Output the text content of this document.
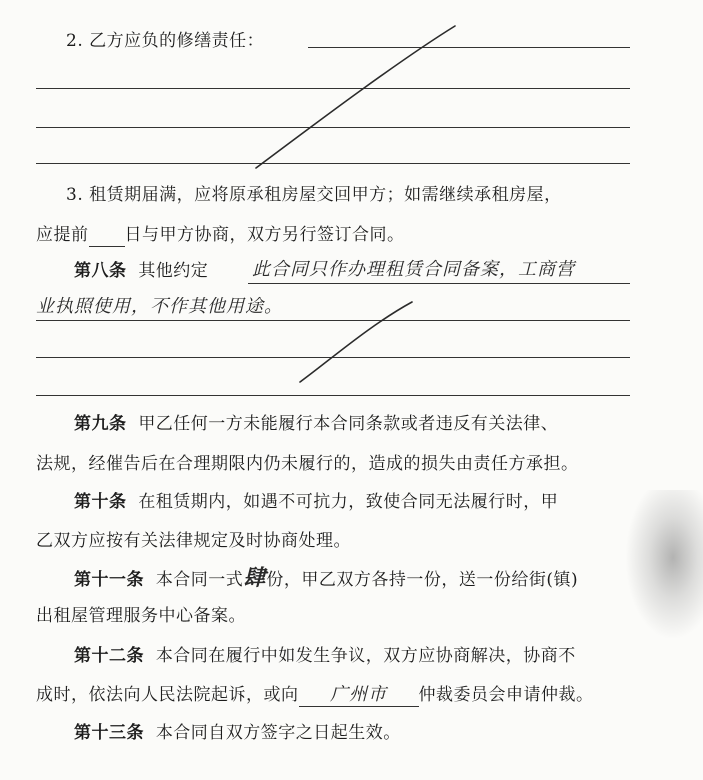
2. 乙方应负的修缮责任：
3. 租赁期届满，应将原承租房屋交回甲方；如需继续承租房屋，
应提前 日与甲方协商，双方另行签订合同。
第八条 其他约定 此合同只作办理租赁合同备案，工商营
业执照使用，不作其他用途。
第九条 甲乙任何一方未能履行本合同条款或者违反有关法律、
法规，经催告后在合理期限内仍未履行的，造成的损失由责任方承担。
第十条 在租赁期内，如遇不可抗力，致使合同无法履行时，甲
乙双方应按有关法律规定及时协商处理。
第十一条 本合同一式肆份，甲乙双方各持一份，送一份给街(镇)
出租屋管理服务中心备案。
第十二条 本合同在履行中如发生争议，双方应协商解决，协商不
成时，依法向人民法院起诉，或向 广州市 仲裁委员会申请仲裁。
第十三条 本合同自双方签字之日起生效。
